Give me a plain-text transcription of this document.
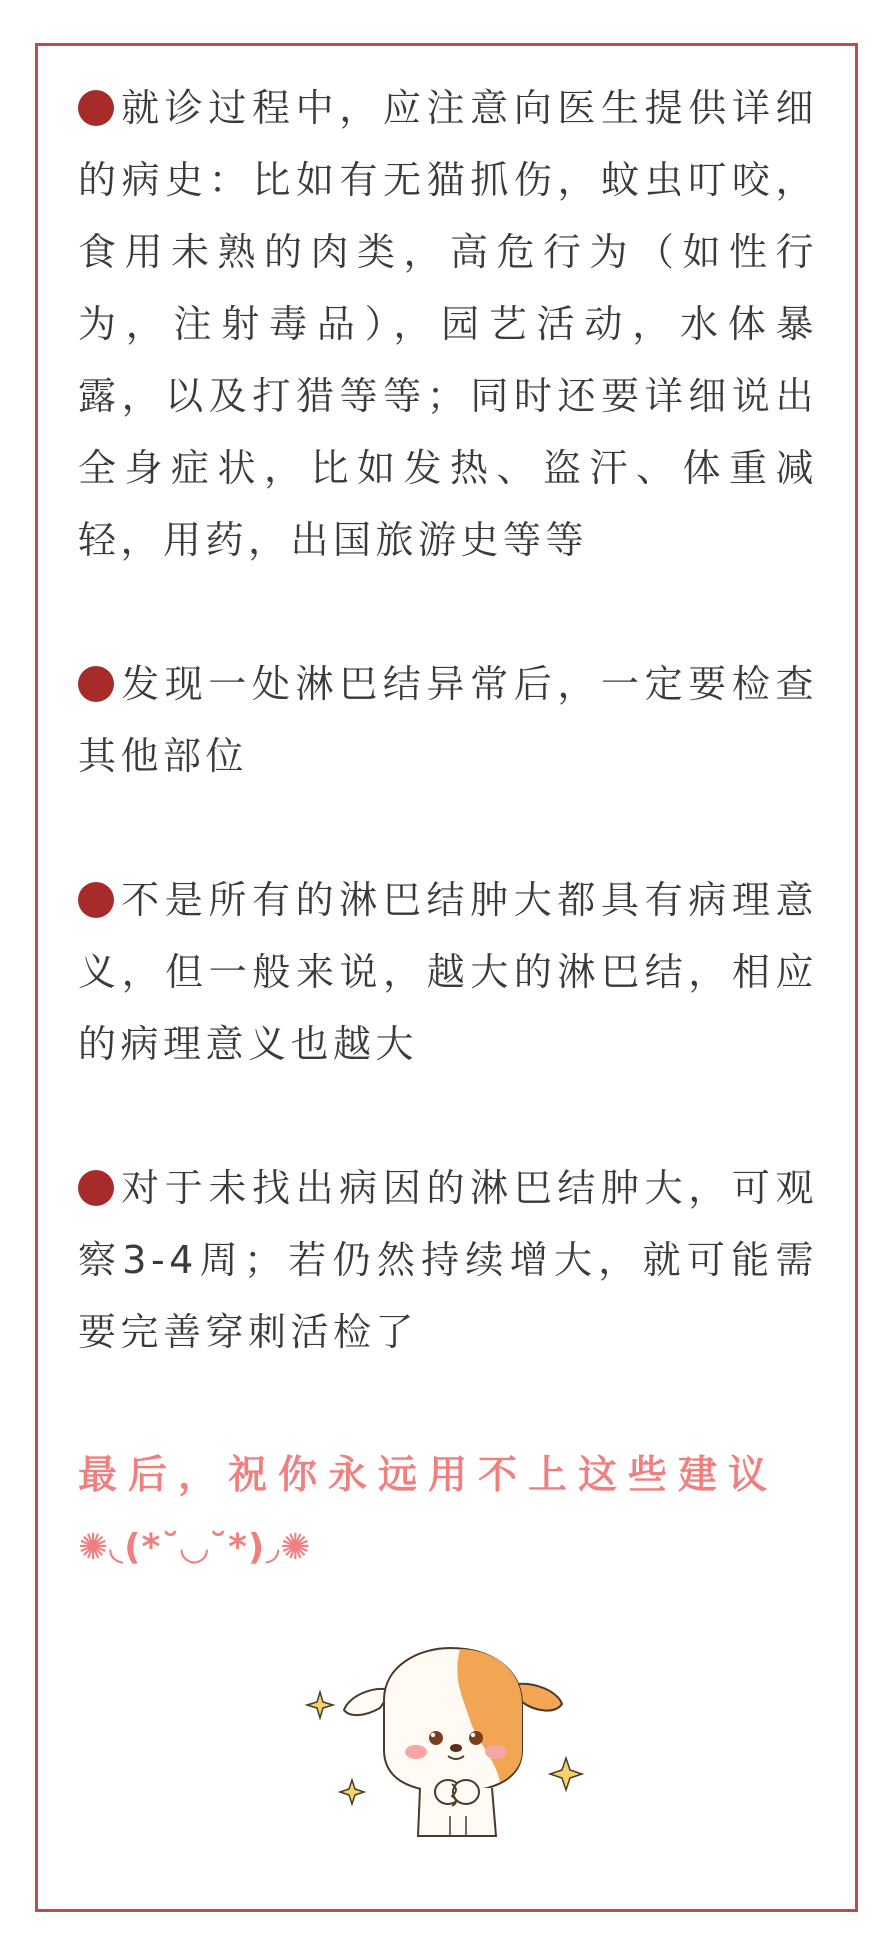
就诊过程中，应注意向医生提供详细的病史：比如有无猫抓伤，蚊虫叮咬，食用未熟的肉类，高危行为（如性行为，注射毒品），园艺活动，水体暴露，以及打猎等等；同时还要详细说出全身症状，比如发热、盗汗、体重减轻，用药，出国旅游史等等

发现一处淋巴结异常后，一定要检查其他部位

不是所有的淋巴结肿大都具有病理意义，但一般来说，越大的淋巴结，相应的病理意义也越大

对于未找出病因的淋巴结肿大，可观察3-4周；若仍然持续增大，就可能需要完善穿刺活检了

最后，祝你永远用不上这些建议
✺◟(*˘◡˘*)◞✺
